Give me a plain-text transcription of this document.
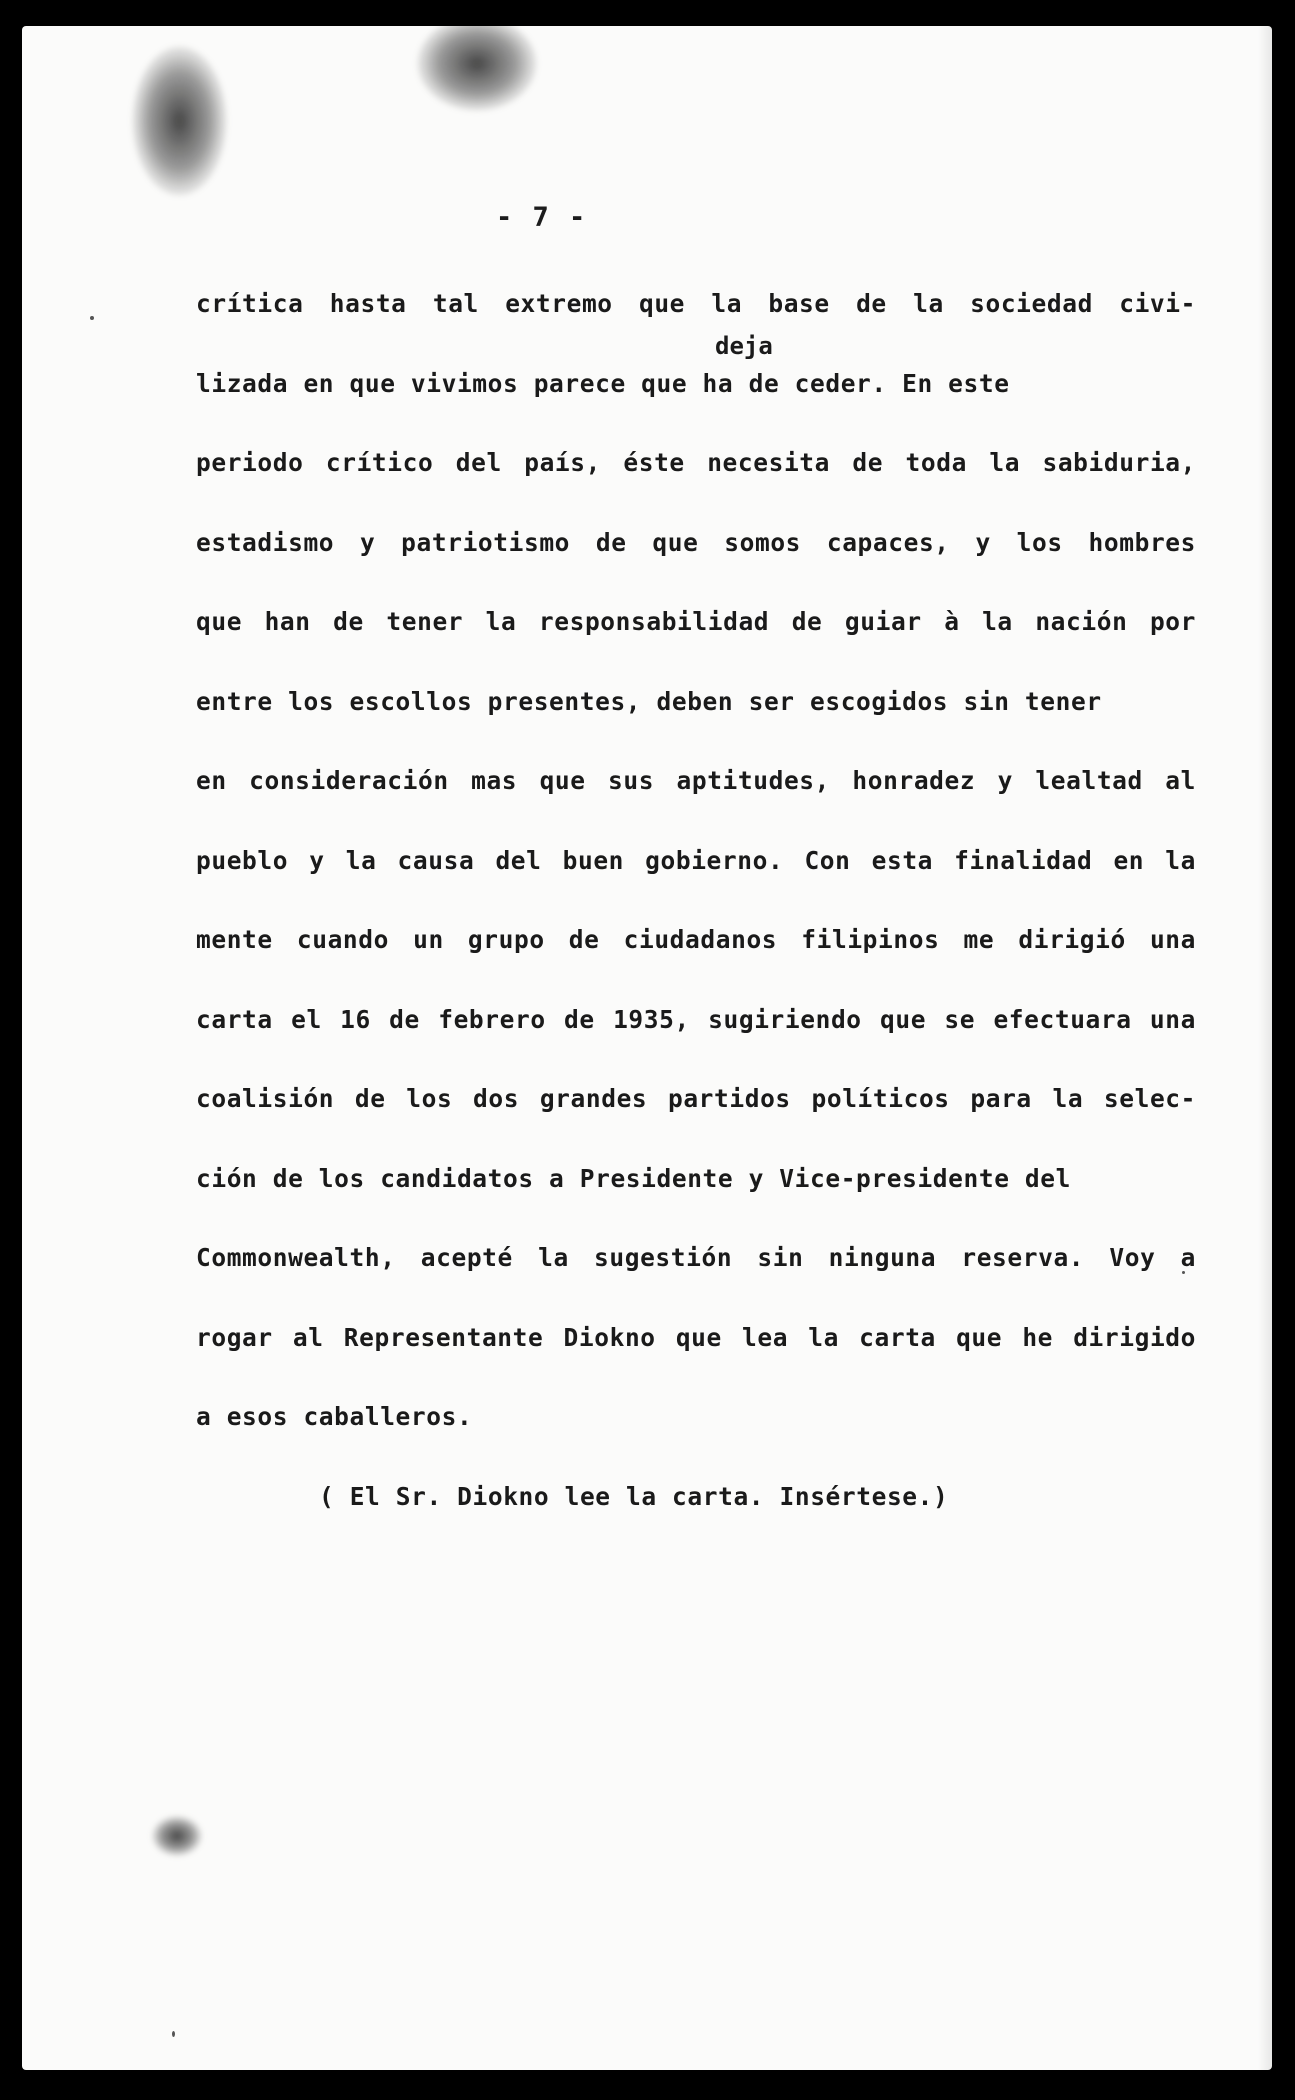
- 7 -
deja
crítica hasta tal extremo que la base de la sociedad civi-
lizada en que vivimos parece que ha de ceder. En este
periodo crítico del país, éste necesita de toda la sabiduria,
estadismo y patriotismo de que somos capaces, y los hombres
que han de tener la responsabilidad de guiar à la nación por
entre los escollos presentes, deben ser escogidos sin tener
en consideración mas que sus aptitudes, honradez y lealtad al
pueblo y la causa del buen gobierno. Con esta finalidad en la
mente cuando un grupo de ciudadanos filipinos me dirigió una
carta el 16 de febrero de 1935, sugiriendo que se efectuara una
coalisión de los dos grandes partidos políticos para la selec-
ción de los candidatos a Presidente y Vice-presidente del
Commonwealth, acepté la sugestión sin ninguna reserva. Voy a
rogar al Representante Diokno que lea la carta que he dirigido
a esos caballeros.
( El Sr. Diokno lee la carta. Insértese.)
